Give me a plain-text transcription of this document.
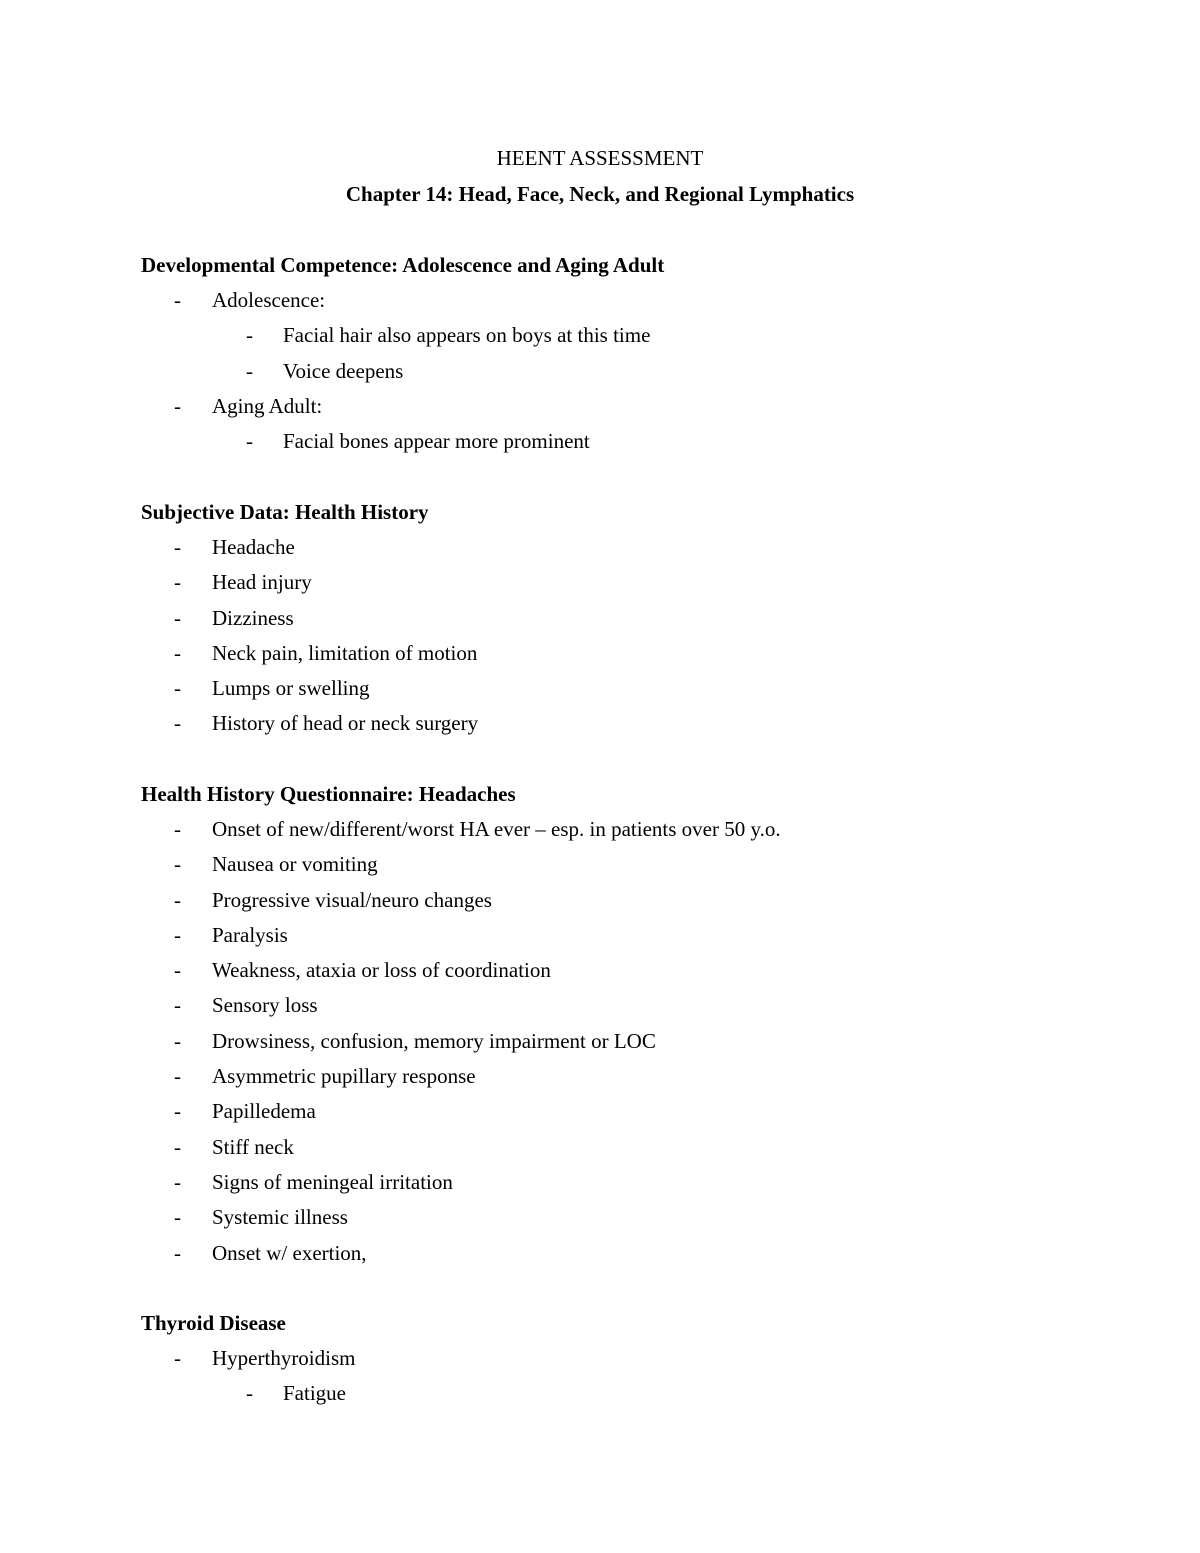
HEENT ASSESSMENT
Chapter 14: Head, Face, Neck, and Regional Lymphatics
Developmental Competence: Adolescence and Aging Adult
- Adolescence:
- Facial hair also appears on boys at this time
- Voice deepens
- Aging Adult:
- Facial bones appear more prominent
Subjective Data: Health History
- Headache
- Head injury
- Dizziness
- Neck pain, limitation of motion
- Lumps or swelling
- History of head or neck surgery
Health History Questionnaire: Headaches
- Onset of new/different/worst HA ever – esp. in patients over 50 y.o.
- Nausea or vomiting
- Progressive visual/neuro changes
- Paralysis
- Weakness, ataxia or loss of coordination
- Sensory loss
- Drowsiness, confusion, memory impairment or LOC
- Asymmetric pupillary response
- Papilledema
- Stiff neck
- Signs of meningeal irritation
- Systemic illness
- Onset w/ exertion,
Thyroid Disease
- Hyperthyroidism
- Fatigue
